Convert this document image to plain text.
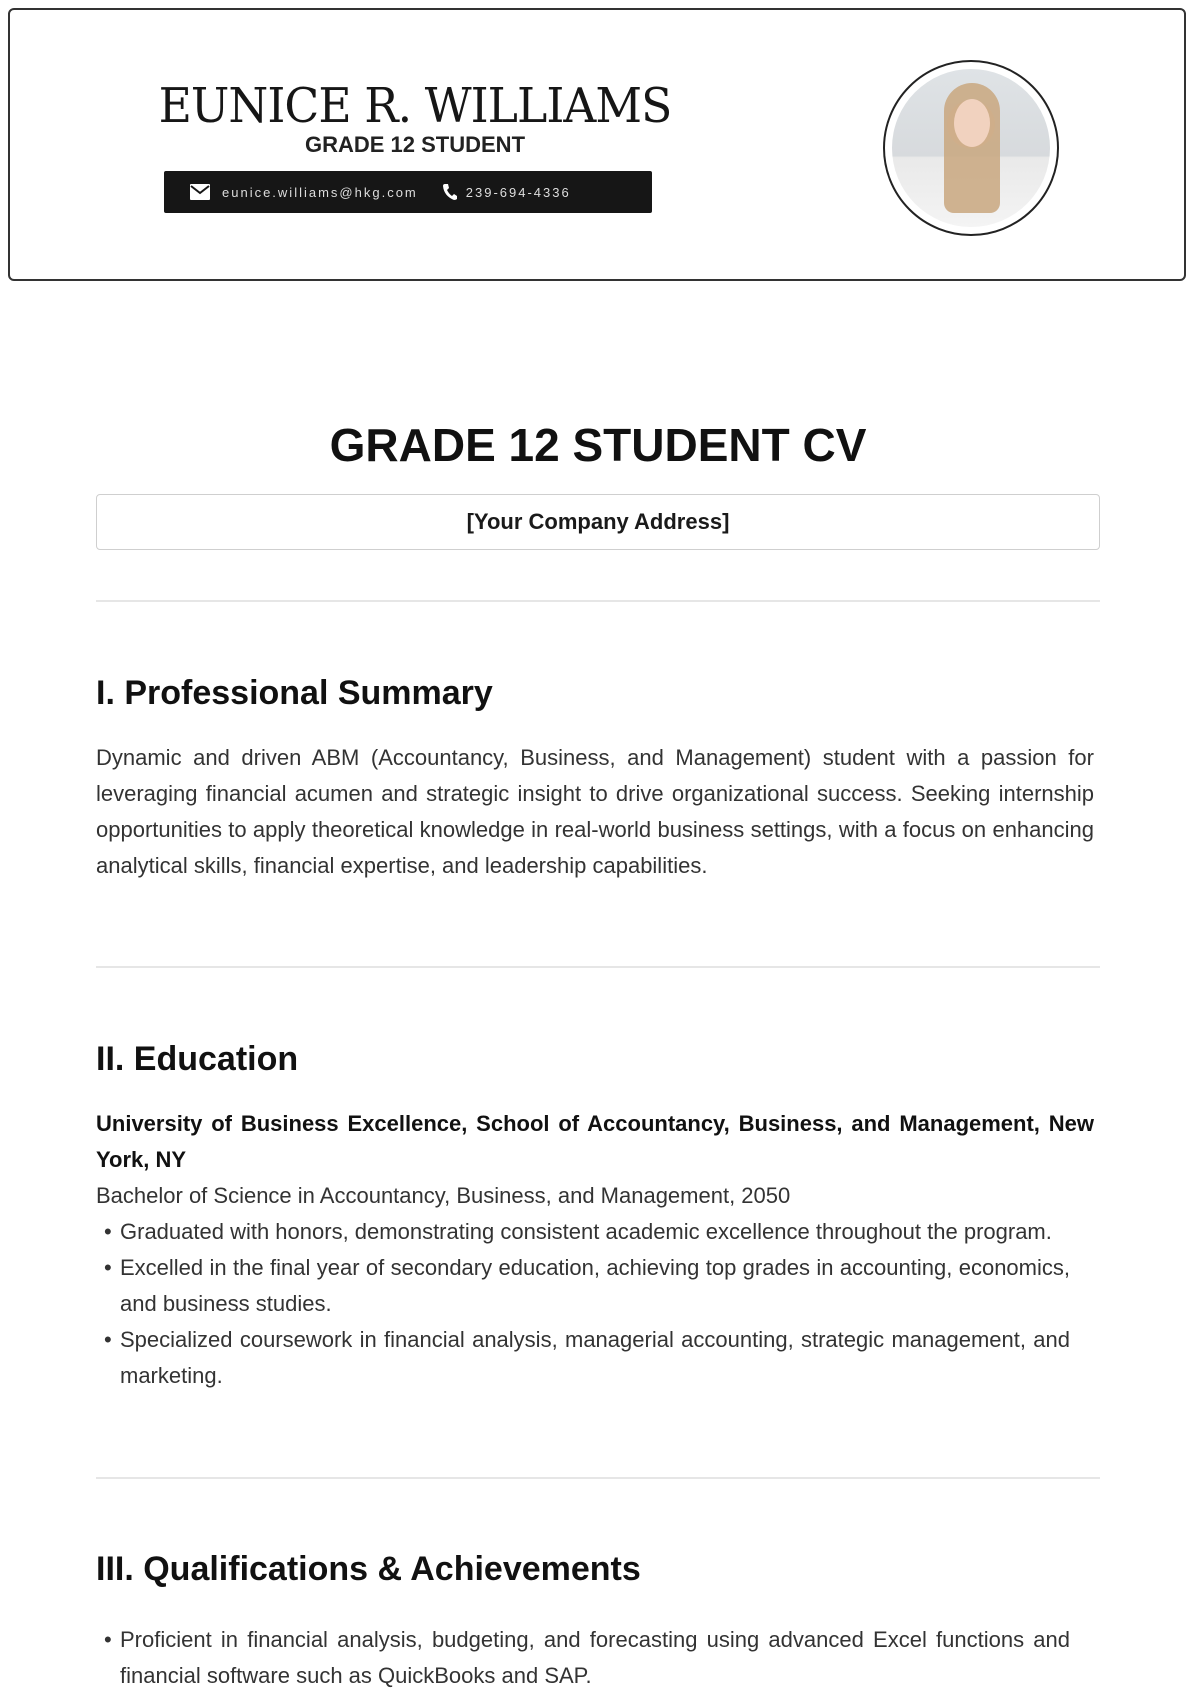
EUNICE R. WILLIAMS
GRADE 12 STUDENT
eunice.williams@hkg.com	239-694-4336
GRADE 12 STUDENT CV
[Your Company Address]
I. Professional Summary
Dynamic and driven ABM (Accountancy, Business, and Management) student with a passion for leveraging financial acumen and strategic insight to drive organizational success. Seeking internship opportunities to apply theoretical knowledge in real-world business settings, with a focus on enhancing analytical skills, financial expertise, and leadership capabilities.
II. Education
University of Business Excellence, School of Accountancy, Business, and Management, New York, NY
Bachelor of Science in Accountancy, Business, and Management, 2050
• Graduated with honors, demonstrating consistent academic excellence throughout the program.
• Excelled in the final year of secondary education, achieving top grades in accounting, economics, and business studies.
• Specialized coursework in financial analysis, managerial accounting, strategic management, and marketing.
III. Qualifications & Achievements
• Proficient in financial analysis, budgeting, and forecasting using advanced Excel functions and financial software such as QuickBooks and SAP.
